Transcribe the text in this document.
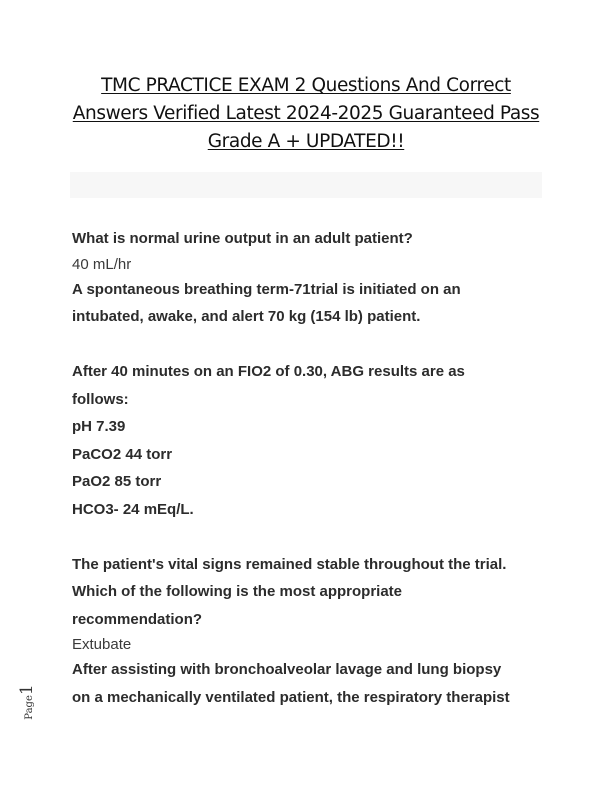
TMC PRACTICE EXAM 2 Questions And Correct
Answers Verified Latest 2024-2025 Guaranteed Pass
Grade A + UPDATED!!
What is normal urine output in an adult patient?
40 mL/hr
A spontaneous breathing term-71trial is initiated on an
intubated, awake, and alert 70 kg (154 lb) patient.
After 40 minutes on an FIO2 of 0.30, ABG results are as
follows:
pH 7.39
PaCO2 44 torr
PaO2 85 torr
HCO3- 24 mEq/L.
The patient's vital signs remained stable throughout the trial.
Which of the following is the most appropriate
recommendation?
Extubate
After assisting with bronchoalveolar lavage and lung biopsy
on a mechanically ventilated patient, the respiratory therapist
Page
1
